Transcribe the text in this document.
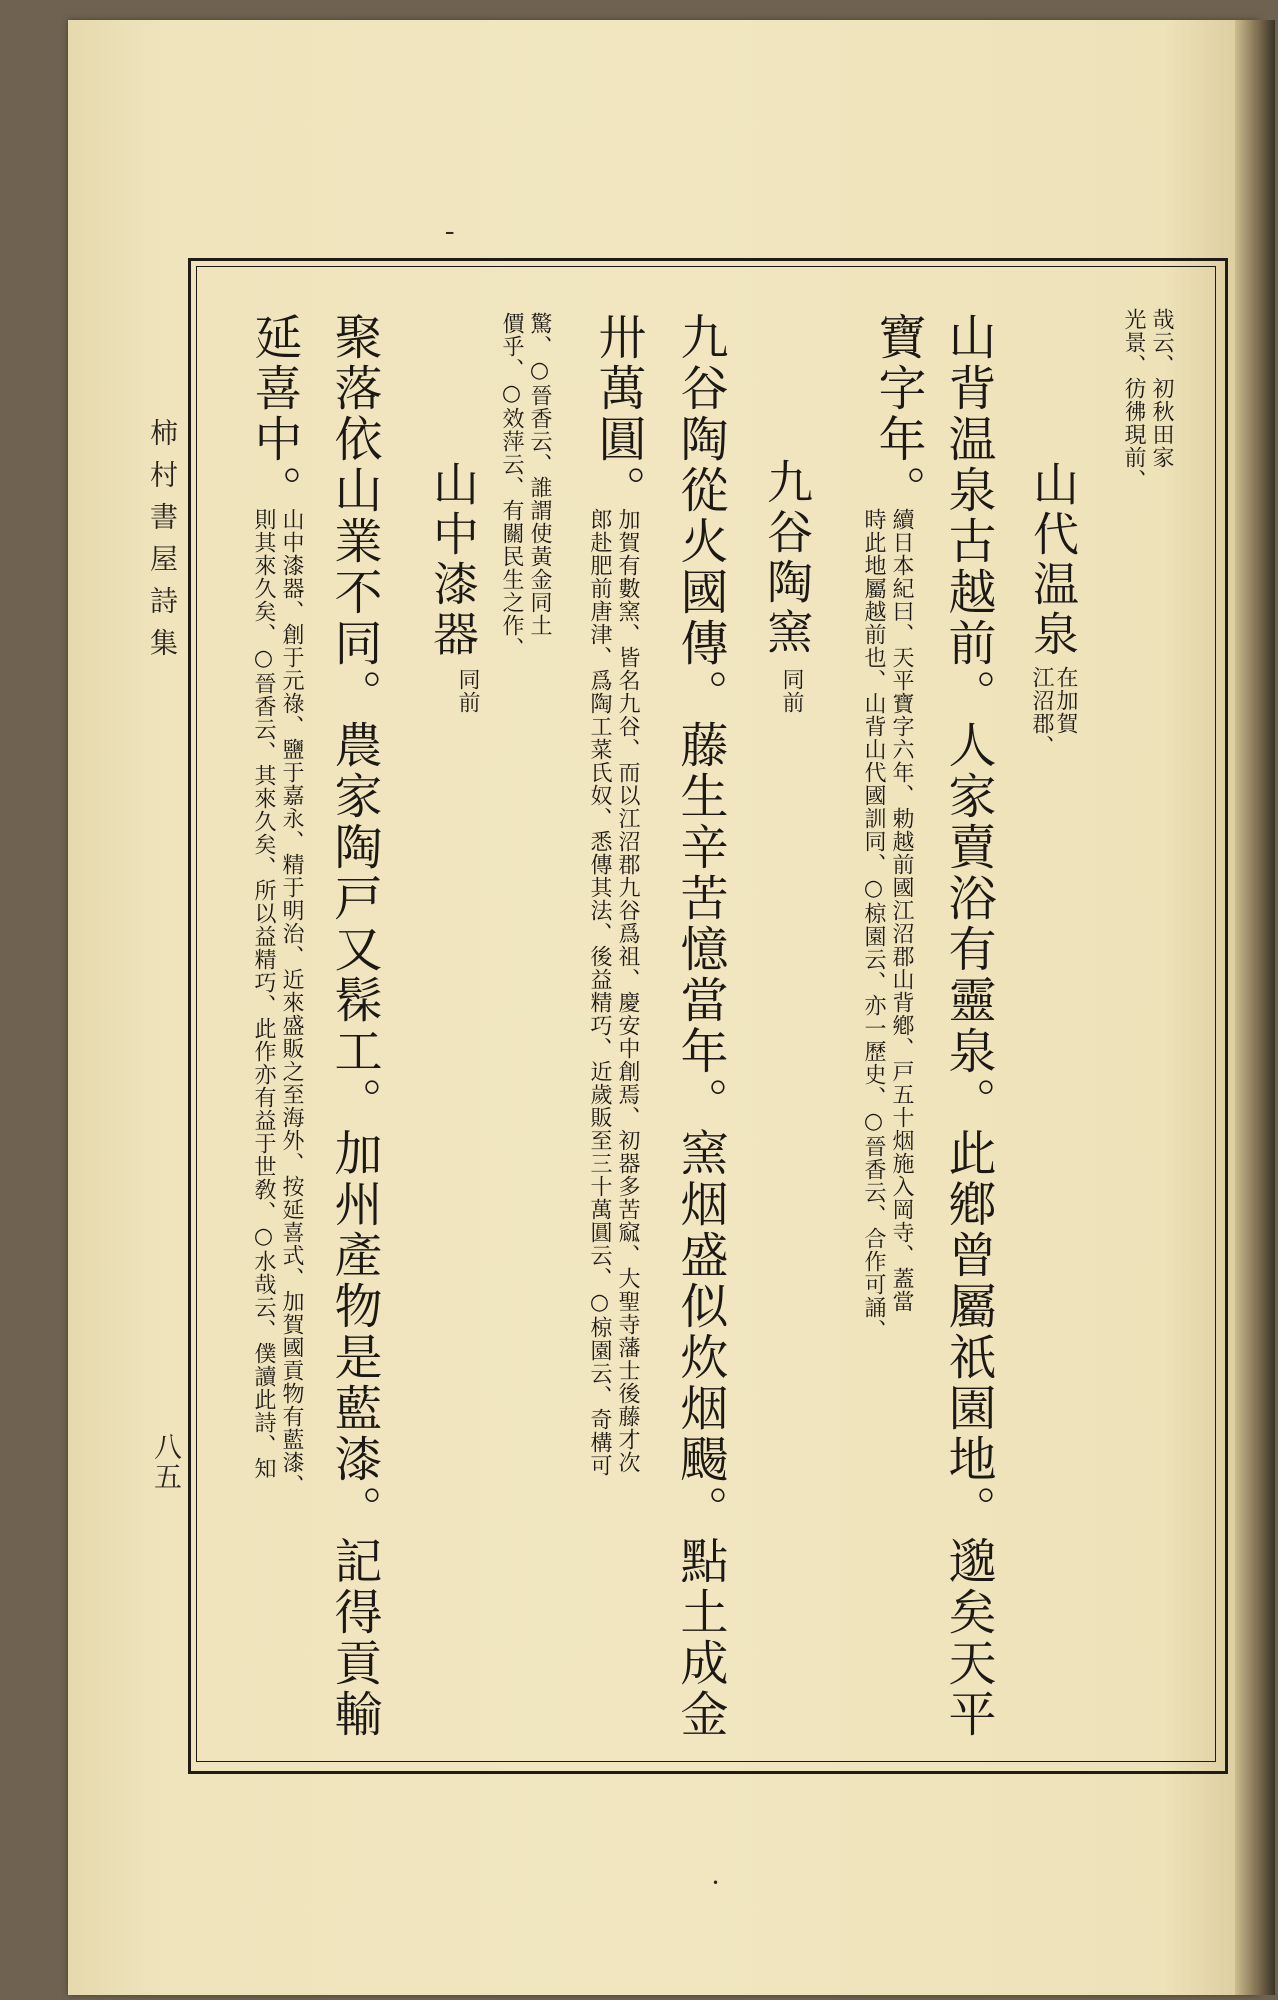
━
•
哉云、初秋田家
光景、彷彿現前、
山代温泉
在加賀
江沼郡、
山背温泉古越前。人家賣浴有靈泉。此鄕曾屬祇園地。邈矣天平
寶字年。
續日本紀曰、天平寶字六年、勅越前國江沼郡山背鄕、戸五十烟施入岡寺、蓋當
時此地屬越前也、山背山代國訓同、○椋園云、亦一歷史、○晉香云、合作可誦、
九谷陶窯
同前
九谷陶從火國傳。藤生辛苦憶當年。窯烟盛似炊烟颺。點土成金
卅萬圓。
加賀有數窯、皆名九谷、而以江沼郡九谷爲祖、慶安中創焉、初器多苦窳、大聖寺藩士後藤才次
郎赴肥前唐津、爲陶工菜氏奴、悉傳其法、後益精巧、近歲販至三十萬圓云、○椋園云、奇構可
驚、○晉香云、誰謂使黃金同土
價乎、○效萍云、有關民生之作、
山中漆器
同前
聚落依山業不同。農家陶戸又髹工。加州產物是藍漆。記得貢輸
延喜中。
山中漆器、創于元祿、鹽于嘉永、精于明治、近來盛販之至海外、按延喜式、加賀國貢物有藍漆、
則其來久矣、○晉香云、其來久矣、所以益精巧、此作亦有益于世敎、○水哉云、僕讀此詩、知
柿村書屋詩集
八五
